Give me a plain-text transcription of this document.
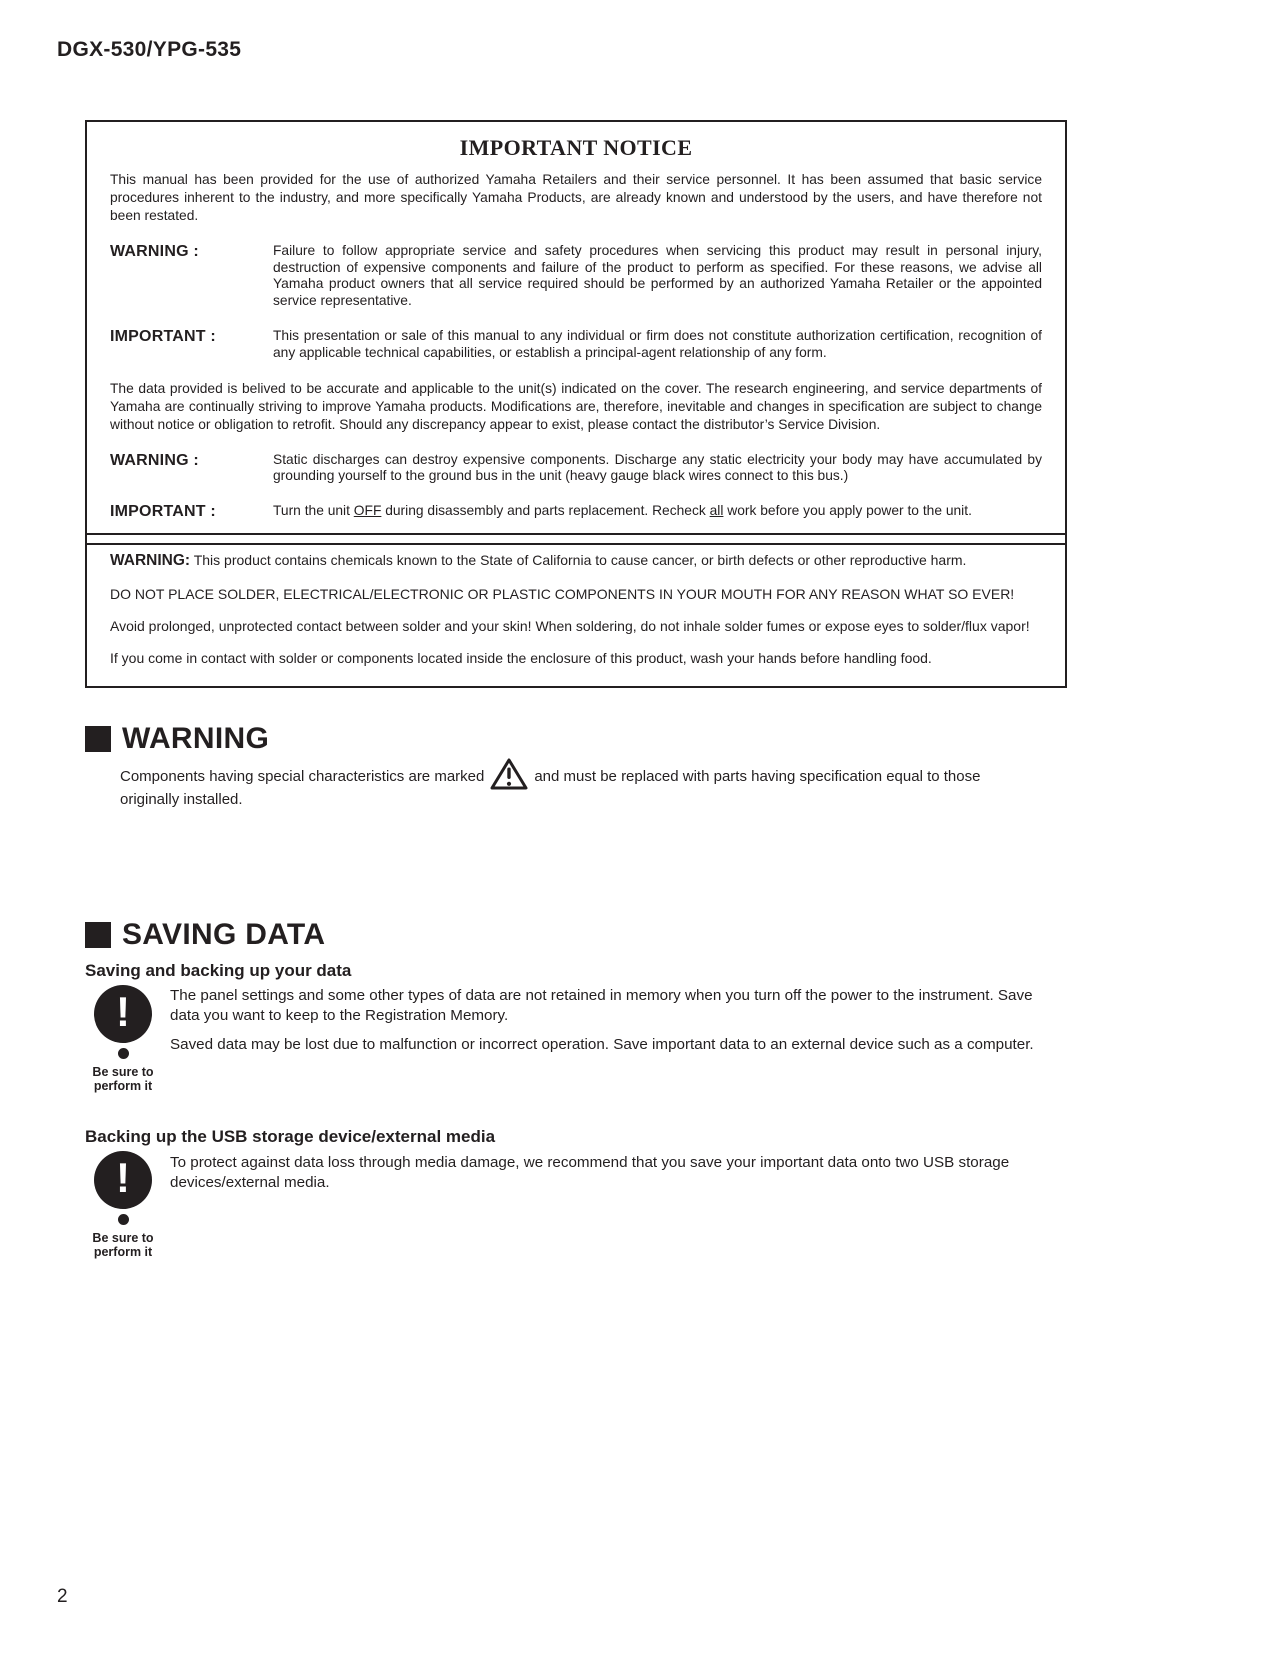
DGX-530/YPG-535
IMPORTANT NOTICE

This manual has been provided for the use of authorized Yamaha Retailers and their service personnel. It has been assumed that basic service procedures inherent to the industry, and more specifically Yamaha Products, are already known and understood by the users, and have therefore not been restated.

WARNING :	Failure to follow appropriate service and safety procedures when servicing this product may result in personal injury, destruction of expensive components and failure of the product to perform as specified. For these reasons, we advise all Yamaha product owners that all service required should be performed by an authorized Yamaha Retailer or the appointed service representative.
IMPORTANT :	This presentation or sale of this manual to any individual or firm does not constitute authorization certification, recognition of any applicable technical capabilities, or establish a principal-agent relationship of any form.

The data provided is belived to be accurate and applicable to the unit(s) indicated on the cover. The research engineering, and service departments of Yamaha are continually striving to improve Yamaha products. Modifications are, therefore, inevitable and changes in specification are subject to change without notice or obligation to retrofit. Should any discrepancy appear to exist, please contact the distributor’s Service Division.

WARNING :	Static discharges can destroy expensive components. Discharge any static electricity your body may have accumulated by grounding yourself to the ground bus in the unit (heavy gauge black wires connect to this bus.)
IMPORTANT :	Turn the unit OFF during disassembly and parts replacement. Recheck all work before you apply power to the unit.

WARNING: This product contains chemicals known to the State of California to cause cancer, or birth defects or other reproductive harm.

DO NOT PLACE SOLDER, ELECTRICAL/ELECTRONIC OR PLASTIC COMPONENTS IN YOUR MOUTH FOR ANY REASON WHAT SO EVER!

Avoid prolonged, unprotected contact between solder and your skin! When soldering, do not inhale solder fumes or expose eyes to solder/flux vapor!

If you come in contact with solder or components located inside the enclosure of this product, wash your hands before handling food.

WARNING
Components having special characteristics are marked	and must be replaced with parts having specification equal to those originally installed.
SAVING DATA
Saving and backing up your data
!
Be sure to
perform it

The panel settings and some other types of data are not retained in memory when you turn off the power to the instrument. Save data you want to keep to the Registration Memory.

Saved data may be lost due to malfunction or incorrect operation. Save important data to an external device such as a computer.

Backing up the USB storage device/external media
!
Be sure to
perform it

To protect against data loss through media damage, we recommend that you save your important data onto two USB storage devices/external media.

2
